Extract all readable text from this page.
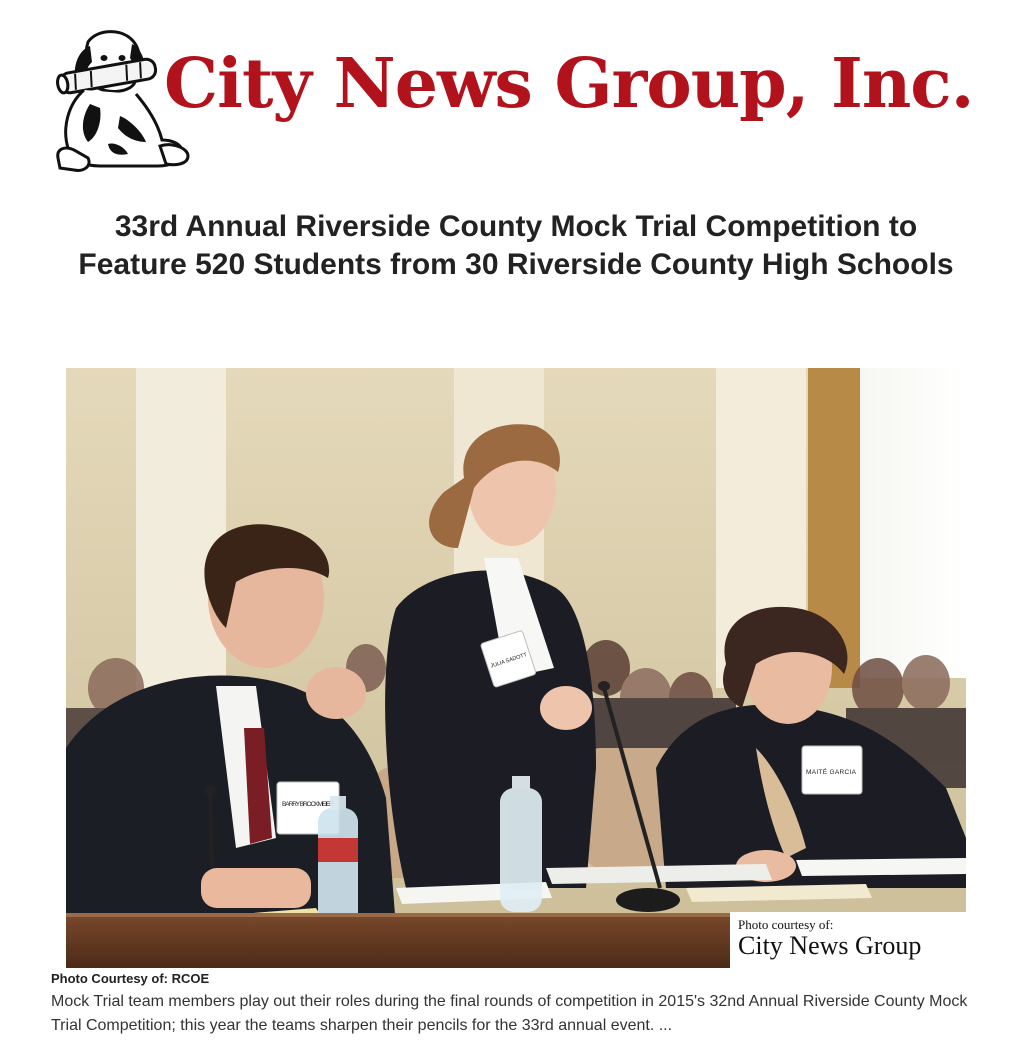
City News Group, Inc.
33rd Annual Riverside County Mock Trial Competition to Feature 520 Students from 30 Riverside County High Schools
BARRY BROCKMEIE
JULIA SADOTT
MAITÉ GARCIA
Photo courtesy of:
City News Group
Photo Courtesy of: RCOE

Mock Trial team members play out their roles during the final rounds of competition in 2015's 32nd Annual Riverside County Mock Trial Competition; this year the teams sharpen their pencils for the 33rd annual event. ...
